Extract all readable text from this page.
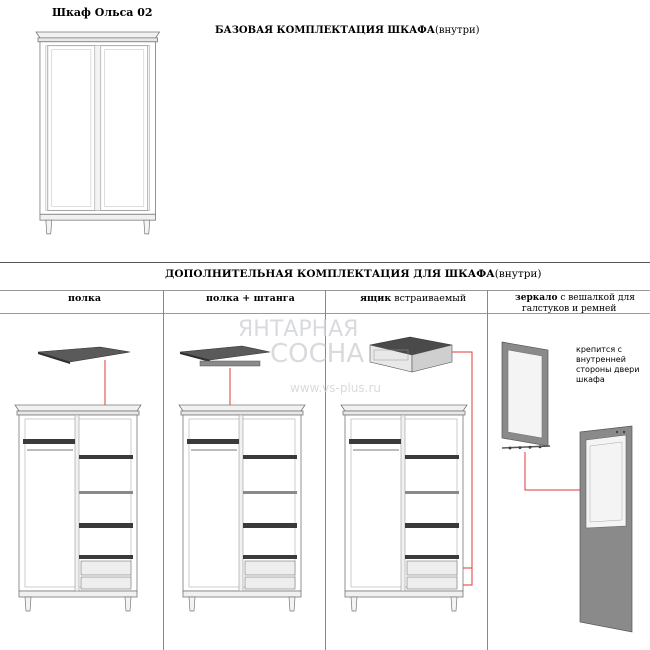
Шкаф Ольса 02
БАЗОВАЯ КОМПЛЕКТАЦИЯ ШКАФА(внутри)
ДОПОЛНИТЕЛЬНАЯ КОМПЛЕКТАЦИЯ ДЛЯ ШКАФА(внутри)
полка	полка + штанга	ящик встраиваемый	зеркало с вешалкой для
галстуков и ремней
крепится с внутренней стороны двери шкафа
ЯНТАРНАЯ
СОСНА
www.vs-plus.ru
